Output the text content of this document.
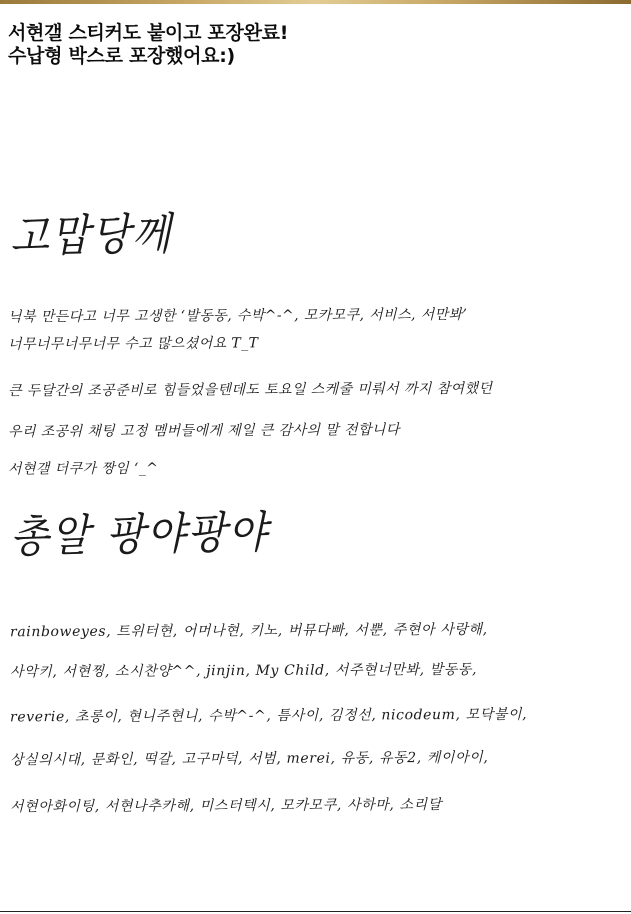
서현갤 스티커도 붙이고 포장완료!
수납형 박스로 포장했어요:)
고맙당께
닉북 만든다고 너무 고생한 ‘발동동, 수박^-^, 모카모쿠, 서비스, 서만봐’
너무너무너무너무 수고 많으셨어요 T_T
큰 두달간의 조공준비로 힘들었을텐데도 토요일 스케줄 미뤄서 까지 참여했던
우리 조공위 채팅 고정 멤버들에게 제일 큰 감사의 말 전합니다
서현갤 더쿠가 짱임 ‘_^
총알 팡야팡야
rainboweyes, 트위터현, 어머나현, 키노, 버뮤다빠, 서뿐, 주현아 사랑해,
사악키, 서현찡, 소시찬양^^, jinjin, My Child, 서주현너만봐, 발동동,
reverie, 초롱이, 현니주현니, 수박^-^, 틈사이, 김정선, nicodeum, 모닥불이,
상실의시대, 문화인, 떡갈, 고구마덕, 서범, merei, 유동, 유동2, 케이아이,
서현아화이팅, 서현나추카해, 미스터텍시, 모카모쿠, 사하마, 소리달
